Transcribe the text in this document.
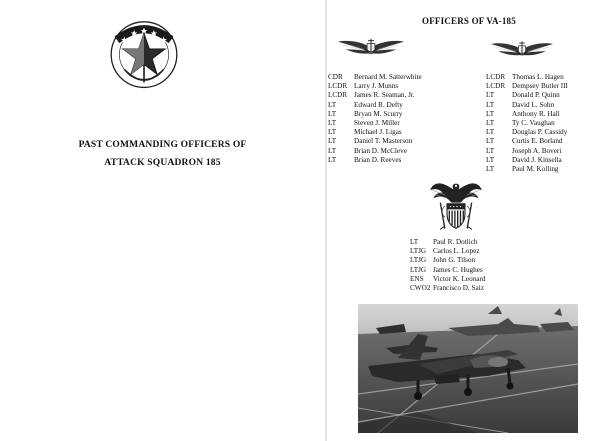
PAST COMMANDING OFFICERS OF
ATTACK SQUADRON 185
OFFICERS OF VA-185
CDR	Bernard M. Satterwhite
LCDR Larry J. Munns
LCDR James R. Seaman, Jr.
LT	Edward R. Defty
LT	Bryan M. Scurry
LT	Steven J. Miller
LT	Michael J. Ligas
LT	Daniel T. Masterson
LT	Brian D. McCleve
LT	Brian D. Reeves
LCDR Thomas L. Hagen
LCDR Dempsey Butler III
LT	Donald P. Quinn
LT	David L. Sohn
LT	Anthony R. Hall
LT	Ty C. Vaughan
LT	Douglas P. Cassidy
LT	Curtis E. Borland
LT	Joseph A. Boveri
LT	David J. Kinsella
LT	Paul M. Kolling
LT	Paul R. Dotlich
LTJG Carlos L. Lopez
LTJG John G. Tilson
LTJG James C. Hughes
ENS	Victor K. Leonard
CWO2 Francisco D. Saiz
